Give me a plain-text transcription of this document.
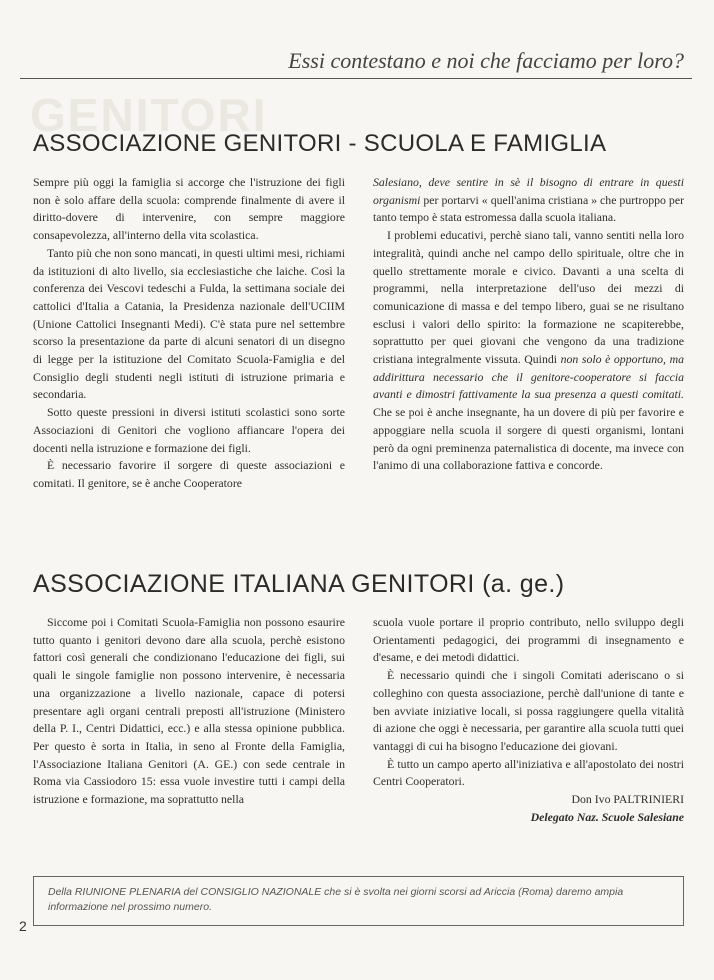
GENITORI
Essi contestano e noi che facciamo per loro?
ASSOCIAZIONE GENITORI - SCUOLA E FAMIGLIA

Sempre più oggi la famiglia si accorge che l'istruzione dei figli non è solo affare della scuola: comprende finalmente di avere il diritto-dovere di intervenire, con sempre maggiore consapevolezza, all'interno della vita scolastica.

Tanto più che non sono mancati, in questi ultimi mesi, richiami da istituzioni di alto livello, sia ecclesiastiche che laiche. Così la conferenza dei Vescovi tedeschi a Fulda, la settimana sociale dei cattolici d'Italia a Catania, la Presidenza nazionale dell'UCIIM (Unione Cattolici Insegnanti Medi). C'è stata pure nel settembre scorso la presentazione da parte di alcuni senatori di un disegno di legge per la istituzione del Comitato Scuola-Famiglia e del Consiglio degli studenti negli istituti di istruzione primaria e secondaria.

Sotto queste pressioni in diversi istituti scolastici sono sorte Associazioni di Genitori che vogliono affiancare l'opera dei docenti nella istruzione e formazione dei figli.

È necessario favorire il sorgere di queste associazioni e comitati. Il genitore, se è anche Cooperatore

Salesiano, deve sentire in sè il bisogno di entrare in questi organismi per portarvi « quell'anima cristiana » che purtroppo per tanto tempo è stata estromessa dalla scuola italiana.

I problemi educativi, perchè siano tali, vanno sentiti nella loro integralità, quindi anche nel campo dello spirituale, oltre che in quello strettamente morale e civico. Davanti a una scelta di programmi, nella interpretazione dell'uso dei mezzi di comunicazione di massa e del tempo libero, guai se ne risultano esclusi i valori dello spirito: la formazione ne scapiterebbe, soprattutto per quei giovani che vengono da una tradizione cristiana integralmente vissuta. Quindi non solo è opportuno, ma addirittura necessario che il genitore-cooperatore si faccia avanti e dimostri fattivamente la sua presenza a questi comitati. Che se poi è anche insegnante, ha un dovere di più per favorire e appoggiare nella scuola il sorgere di questi organismi, lontani però da ogni preminenza paternalistica di docente, ma invece con l'animo di una collaborazione fattiva e concorde.

ASSOCIAZIONE ITALIANA GENITORI (a. ge.)

Siccome poi i Comitati Scuola-Famiglia non possono esaurire tutto quanto i genitori devono dare alla scuola, perchè esistono fattori così generali che condizionano l'educazione dei figli, sui quali le singole famiglie non possono intervenire, è necessaria una organizzazione a livello nazionale, capace di potersi presentare agli organi centrali preposti all'istruzione (Ministero della P. I., Centri Didattici, ecc.) e alla stessa opinione pubblica. Per questo è sorta in Italia, in seno al Fronte della Famiglia, l'Associazione Italiana Genitori (A. GE.) con sede centrale in Roma via Cassiodoro 15: essa vuole investire tutti i campi della istruzione e formazione, ma soprattutto nella

scuola vuole portare il proprio contributo, nello sviluppo degli Orientamenti pedagogici, dei programmi di insegnamento e d'esame, e dei metodi didattici.

È necessario quindi che i singoli Comitati aderiscano o si colleghino con questa associazione, perchè dall'unione di tante e ben avviate iniziative locali, si possa raggiungere quella vitalità di azione che oggi è necessaria, per garantire alla scuola tutti quei vantaggi di cui ha bisogno l'educazione dei giovani.

È tutto un campo aperto all'iniziativa e all'apostolato dei nostri Centri Cooperatori.

Don Ivo PALTRINIERI

Delegato Naz. Scuole Salesiane

Della RIUNIONE PLENARIA del CONSIGLIO NAZIONALE che si è svolta nei giorni scorsi ad Ariccia (Roma) daremo ampia informazione nel prossimo numero.
2
